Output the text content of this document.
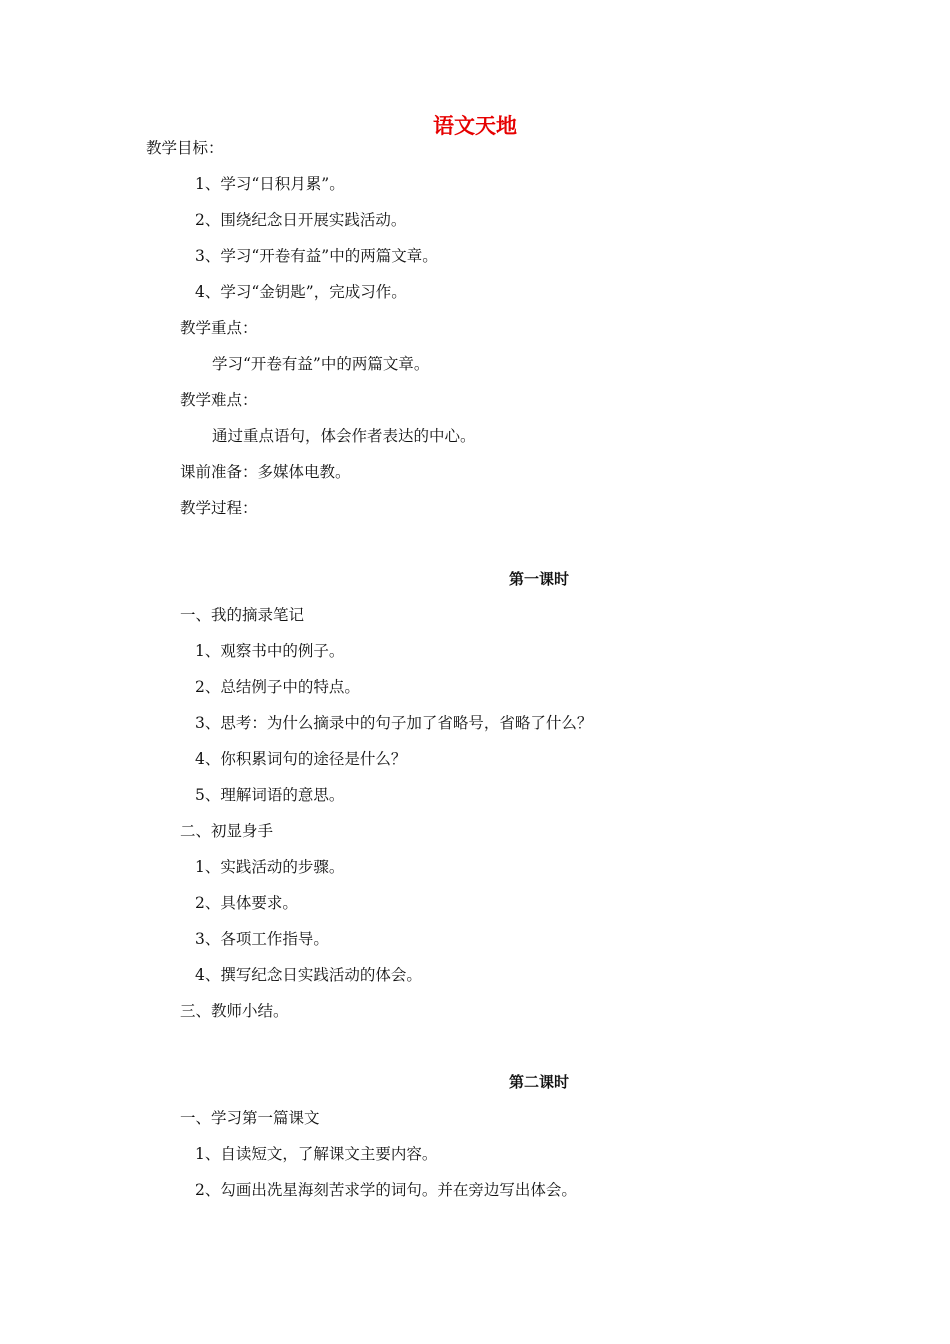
语文天地
教学目标：
1、学习“日积月累”。
2、围绕纪念日开展实践活动。
3、学习“开卷有益”中的两篇文章。
4、学习“金钥匙”，完成习作。
教学重点：
学习“开卷有益”中的两篇文章。
教学难点：
通过重点语句，体会作者表达的中心。
课前准备：多媒体电教。
教学过程：
第一课时
一、我的摘录笔记
1、观察书中的例子。
2、总结例子中的特点。
3、思考：为什么摘录中的句子加了省略号，省略了什么？
4、你积累词句的途径是什么？
5、理解词语的意思。
二、初显身手
1、实践活动的步骤。
2、具体要求。
3、各项工作指导。
4、撰写纪念日实践活动的体会。
三、教师小结。
第二课时
一、学习第一篇课文
1、自读短文，了解课文主要内容。
2、勾画出冼星海刻苦求学的词句。并在旁边写出体会。
